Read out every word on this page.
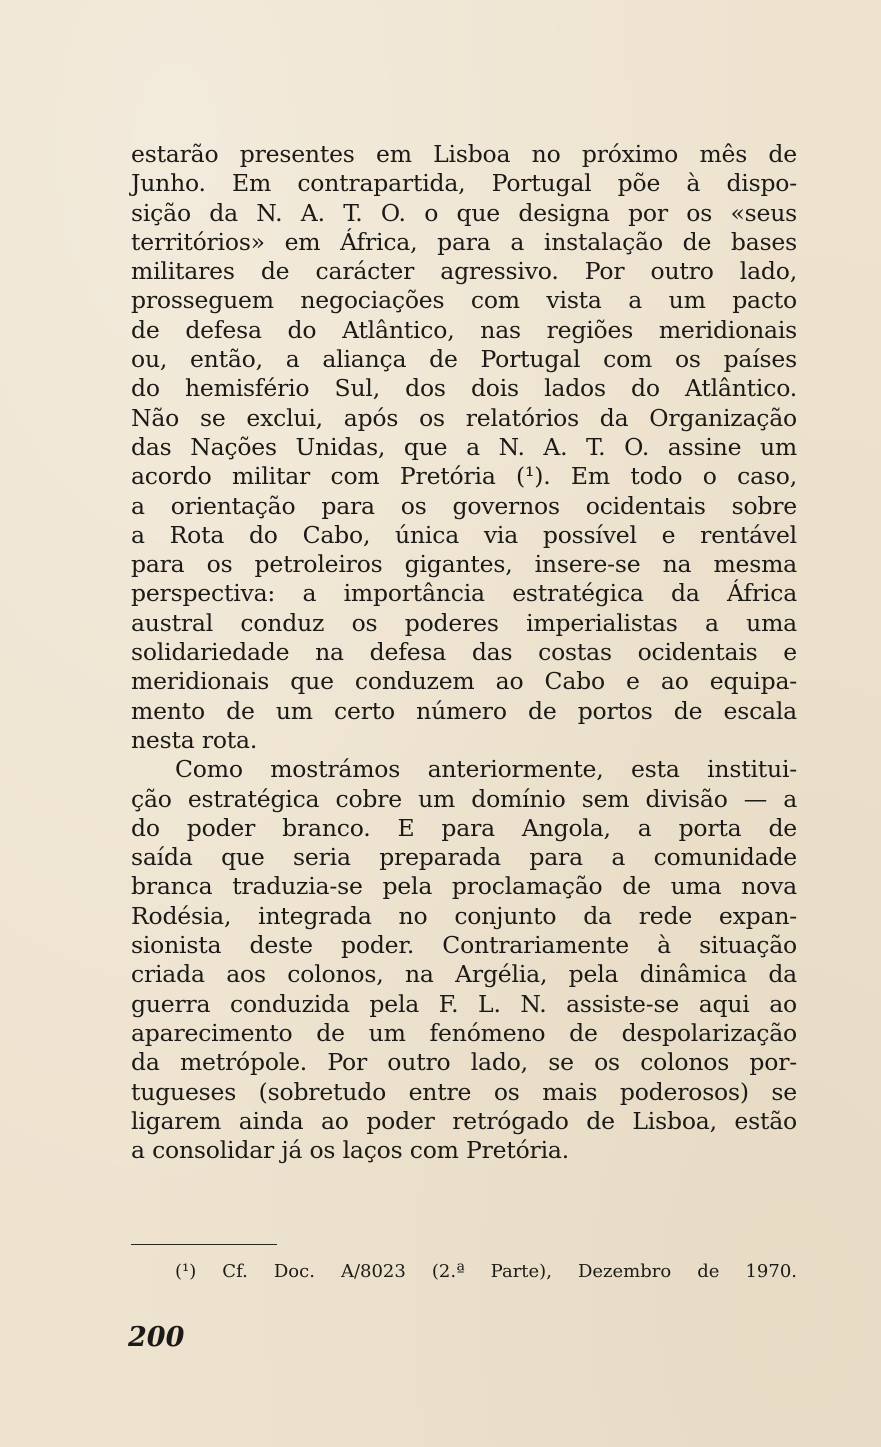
estarão presentes em Lisboa no próximo mês de
Junho. Em contrapartida, Portugal põe à dispo-
sição da N. A. T. O. o que designa por os «seus
territórios» em África, para a instalação de bases
militares de carácter agressivo. Por outro lado,
prosseguem negociações com vista a um pacto
de defesa do Atlântico, nas regiões meridionais
ou, então, a aliança de Portugal com os países
do hemisfério Sul, dos dois lados do Atlântico.
Não se exclui, após os relatórios da Organização
das Nações Unidas, que a N. A. T. O. assine um
acordo militar com Pretória (¹). Em todo o caso,
a orientação para os governos ocidentais sobre
a Rota do Cabo, única via possível e rentável
para os petroleiros gigantes, insere-se na mesma
perspectiva: a importância estratégica da África
austral conduz os poderes imperialistas a uma
solidariedade na defesa das costas ocidentais e
meridionais que conduzem ao Cabo e ao equipa-
mento de um certo número de portos de escala
nesta rota.
Como mostrámos anteriormente, esta institui-
ção estratégica cobre um domínio sem divisão — a
do poder branco. E para Angola, a porta de
saída que seria preparada para a comunidade
branca traduzia-se pela proclamação de uma nova
Rodésia, integrada no conjunto da rede expan-
sionista deste poder. Contrariamente à situação
criada aos colonos, na Argélia, pela dinâmica da
guerra conduzida pela F. L. N. assiste-se aqui ao
aparecimento de um fenómeno de despolarização
da metrópole. Por outro lado, se os colonos por-
tugueses (sobretudo entre os mais poderosos) se
ligarem ainda ao poder retrógado de Lisboa, estão
a consolidar já os laços com Pretória.
(¹) Cf. Doc. A/8023 (2.ª Parte), Dezembro de 1970.
200
